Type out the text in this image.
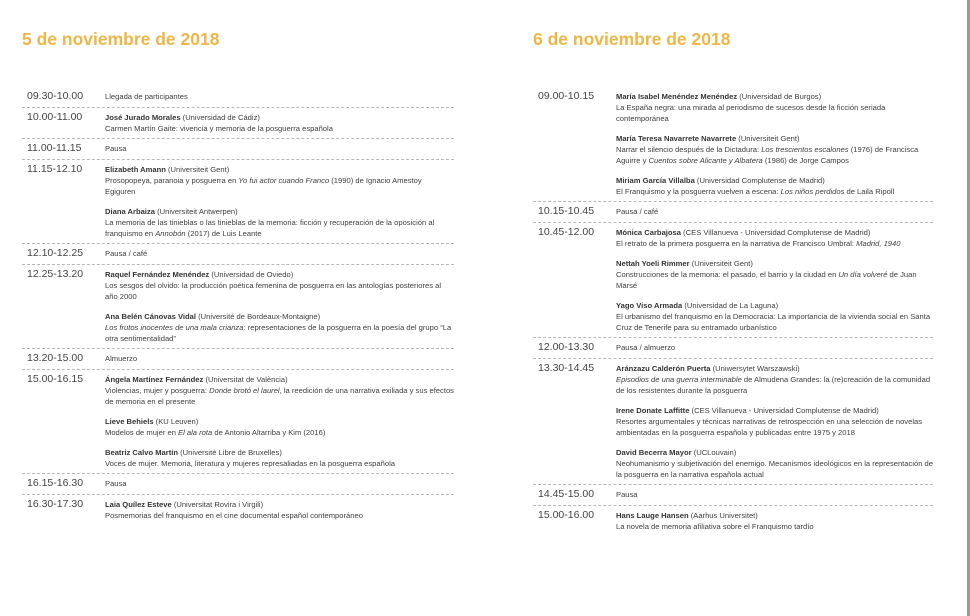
5 de noviembre de 2018
09.30-10.00	Llegada de participantes
10.00-11.00	José Jurado Morales (Universidad de Cádiz)
Carmen Martín Gaite: vivencia y memoria de la posguerra española
11.00-11.15	Pausa
11.15-12.10	Elizabeth Amann (Universiteit Gent)
Prosopopeya, paranoia y posguerra en Yo fui actor cuando Franco (1990) de Ignacio Amestoy Egiguren
Diana Arbaiza (Universiteit Antwerpen)
La memoria de las tinieblas o las tinieblas de la memoria: ficción y recuperación de la oposición al franquismo en Annobón (2017) de Luis Leante
12.10-12.25	Pausa / café
12.25-13.20	Raquel Fernández Menéndez (Universidad de Oviedo)
Los sesgos del olvido: la producción poética femenina de posguerra en las antologías posteriores al año 2000
Ana Belén Cánovas Vidal (Université de Bordeaux-Montaigne)
Los frutos inocentes de una mala crianza: representaciones de la posguerra en la poesía del grupo “La otra sentimentalidad”
13.20-15.00	Almuerzo
15.00-16.15	Ángela Martínez Fernández (Universitat de València)
Violencias, mujer y posguerra: Donde brotó el laurel, la reedición de una narrativa exiliada y sus efectos de memoria en el presente
Lieve Behiels (KU Leuven)
Modelos de mujer en El ala rota de Antonio Altarriba y Kim (2016)
Beatriz Calvo Martín (Université Libre de Bruxelles)
Voces de mujer. Memoria, literatura y mujeres represaliadas en la posguerra española
16.15-16.30	Pausa
16.30-17.30	Laia Quílez Esteve (Universitat Rovira i Virgili)
Posmemorias del franquismo en el cine documental español contemporáneo
6 de noviembre de 2018
09.00-10.15	María Isabel Menéndez Menéndez (Universidad de Burgos)
La España negra: una mirada al periodismo de sucesos desde la ficción seriada contemporánea
María Teresa Navarrete Navarrete (Universiteit Gent)
Narrar el silencio después de la Dictadura: Los trescientos escalones (1976) de Francisca Aguirre y Cuentos sobre Alicante y Albatera (1986) de Jorge Campos
Miriam García Villalba (Universidad Complutense de Madrid)
El Franquismo y la posguerra vuelven a escena: Los niños perdidos de Laila Ripoll
10.15-10.45	Pausa / café
10.45-12.00	Mónica Carbajosa (CES Villanueva - Universidad Complutense de Madrid)
El retrato de la primera posguerra en la narrativa de Francisco Umbral: Madrid, 1940
Nettah Yoeli Rimmer (Universiteit Gent)
Construcciones de la memoria: el pasado, el barrio y la ciudad en Un día volveré de Juan Marsé
Yago Viso Armada (Universidad de La Laguna)
El urbanismo del franquismo en la Democracia: La importancia de la vivienda social en Santa Cruz de Tenerife para su entramado urbanístico
12.00-13.30	Pausa / almuerzo
13.30-14.45	Aránzazu Calderón Puerta (Uniwersytet Warszawski)
Episodios de una guerra interminable de Almudena Grandes: la (re)creación de la comunidad de los resistentes durante la posguerra
Irene Donate Laffitte (CES Villanueva - Universidad Complutense de Madrid)
Resortes argumentales y técnicas narrativas de retrospección en una selección de novelas ambientadas en la posguerra española y publicadas entre 1975 y 2018
David Becerra Mayor (UCLouvain)
Neohumanismo y subjetivación del enemigo. Mecanismos ideológicos en la representación de la posguerra en la narrativa española actual
14.45-15.00	Pausa
15.00-16.00	Hans Lauge Hansen (Aarhus Universitet)
La novela de memoria afiliativa sobre el Franquismo tardío
